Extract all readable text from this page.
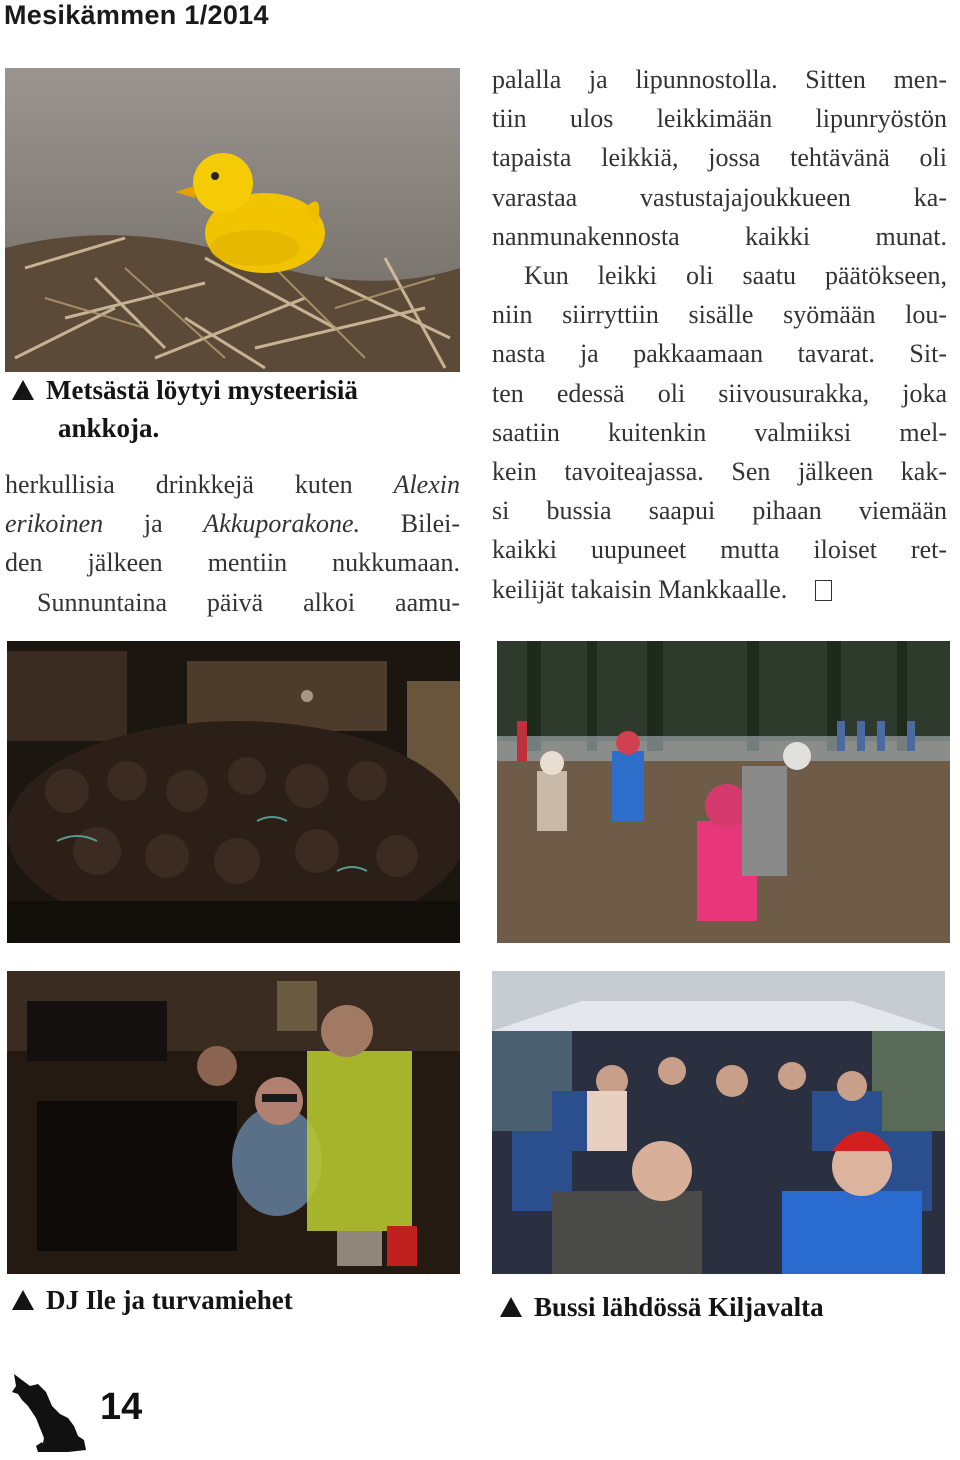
Mesikämmen 1/2014
Metsästä löytyi mysteerisiä
ankkoja.
herkullisia drinkkejä kuten Alexin
erikoinen ja Akkuporakone. Bilei-
den jälkeen mentiin nukkumaan.
Sunnuntaina päivä alkoi aamu-
palalla ja lipunnostolla. Sitten men-
tiin ulos leikkimään lipunryöstön
tapaista leikkiä, jossa tehtävänä oli
varastaa vastustajajoukkueen ka-
nanmunakennosta kaikki munat.
Kun leikki oli saatu päätökseen,
niin siirryttiin sisälle syömään lou-
nasta ja pakkaamaan tavarat. Sit-
ten edessä oli siivousurakka, joka
saatiin kuitenkin valmiiksi mel-
kein tavoiteajassa. Sen jälkeen kak-
si bussia saapui pihaan viemään
kaikki uupuneet mutta iloiset ret-
keilijät takaisin Mankkaalle.
DJ Ile ja turvamiehet	Bussi lähdössä Kiljavalta
14
